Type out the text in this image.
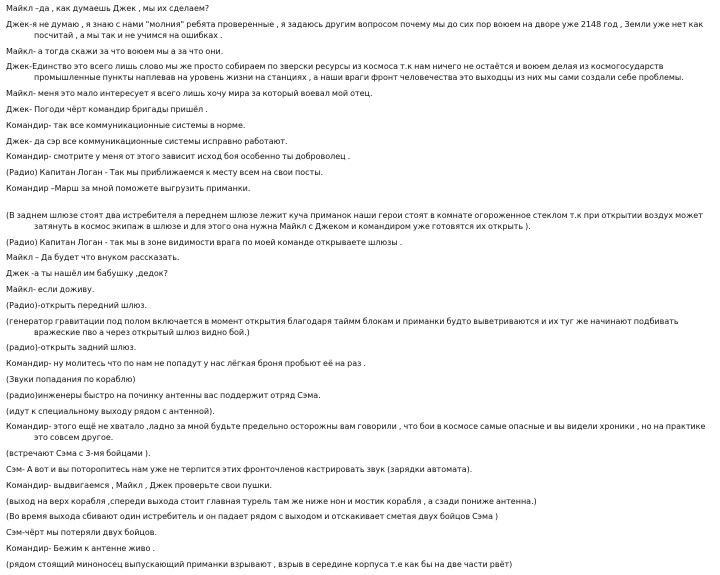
Майкл –да , как думаешь Джек , мы их сделаем?

Джек-я не думаю , я знаю с нами "молния" ребята проверенные , я задаюсь другим вопросом почему мы до сих пор воюем на дворе уже 2148 год , Земли уже нет как посчитай , а мы так и не учимся на ошибках .

Майкл- а тогда скажи за что воюем мы а за что они.

Джек-Единство это всего лишь слово мы же просто собираем по зверски ресурсы из космоса т.к нам ничего не остаётся и воюем делая из космогосударств промышленные пункты наплевав на уровень жизни на станциях , а наши враги фронт человечества это выходцы из них мы сами создали себе проблемы.

Майкл- меня это мало интересует я всего лишь хочу мира за который воевал мой отец.

Джек- Погоди чёрт командир бригады пришёл .

Командир- так все коммуникационные системы в норме.

Джек- да сэр все коммуникационные системы исправно работают.

Командир- смотрите у меня от этого зависит исход боя особенно ты доброволец .

(Радио) Капитан Логан - Так мы приближаемся к месту всем на свои посты.

Командир –Марш за мной поможете выгрузить приманки.

(В заднем шлюзе стоят два истребителя а переднем шлюзе лежит куча приманок наши герои стоят в комнате огороженное стеклом т.к при открытии воздух может затянуть в космос экипаж в шлюзе и для этого она нужна Майкл с Джеком и командиром уже готовятся их открыть ).

(Радио) Капитан Логан - так мы в зоне видимости врага по моей команде открываете шлюзы .

Майкл – Да будет что внуком рассказать.

Джек -а ты нашёл им бабушку ,дедок?

Майкл- если доживу.

(Радио)-открыть передний шлюз.

(генератор гравитации под полом включается в момент открытия благодаря таймм блокам и приманки будто выветриваются и их туг же начинают подбивать вражеские пво а через открытый шлюз видно бой.)

(радио)-открыть задний шлюз.

Командир- ну молитесь что по нам не попадут у нас лёгкая броня пробьют её на раз .

(Звуки попадания по кораблю)

(радио)инженеры быстро на починку антенны вас поддержит отряд Сэма.

(идут к специальному выходу рядом с антенной).

Командир- этого ещё не хватало ,ладно за мной будьте предельно осторожны вам говорили , что бои в космосе самые опасные и вы видели хроники , но на практике это совсем другое.

(встречают Сэма с 3-мя бойцами ).

Сэм- А вот и вы поторопитесь нам уже не терпится этих фронточленов кастрировать звук (зарядки автомата).

Командир- выдвигаемся , Майкл , Джек проверьте свои пушки.

(выход на верх корабля ,спереди выхода стоит главная турель там же ниже нон и мостик корабля , а сзади пониже антенна.)

(Во время выхода сбивают один истребитель и он падает рядом с выходом и отскакивает сметая двух бойцов Сэма )

Сэм-чёрт мы потеряли двух бойцов.

Командир- Бежим к антенне живо .

(рядом стоящий миноносец выпускающий приманки взрывают , взрыв в середине корпуса т.е как бы на две части рвёт)
